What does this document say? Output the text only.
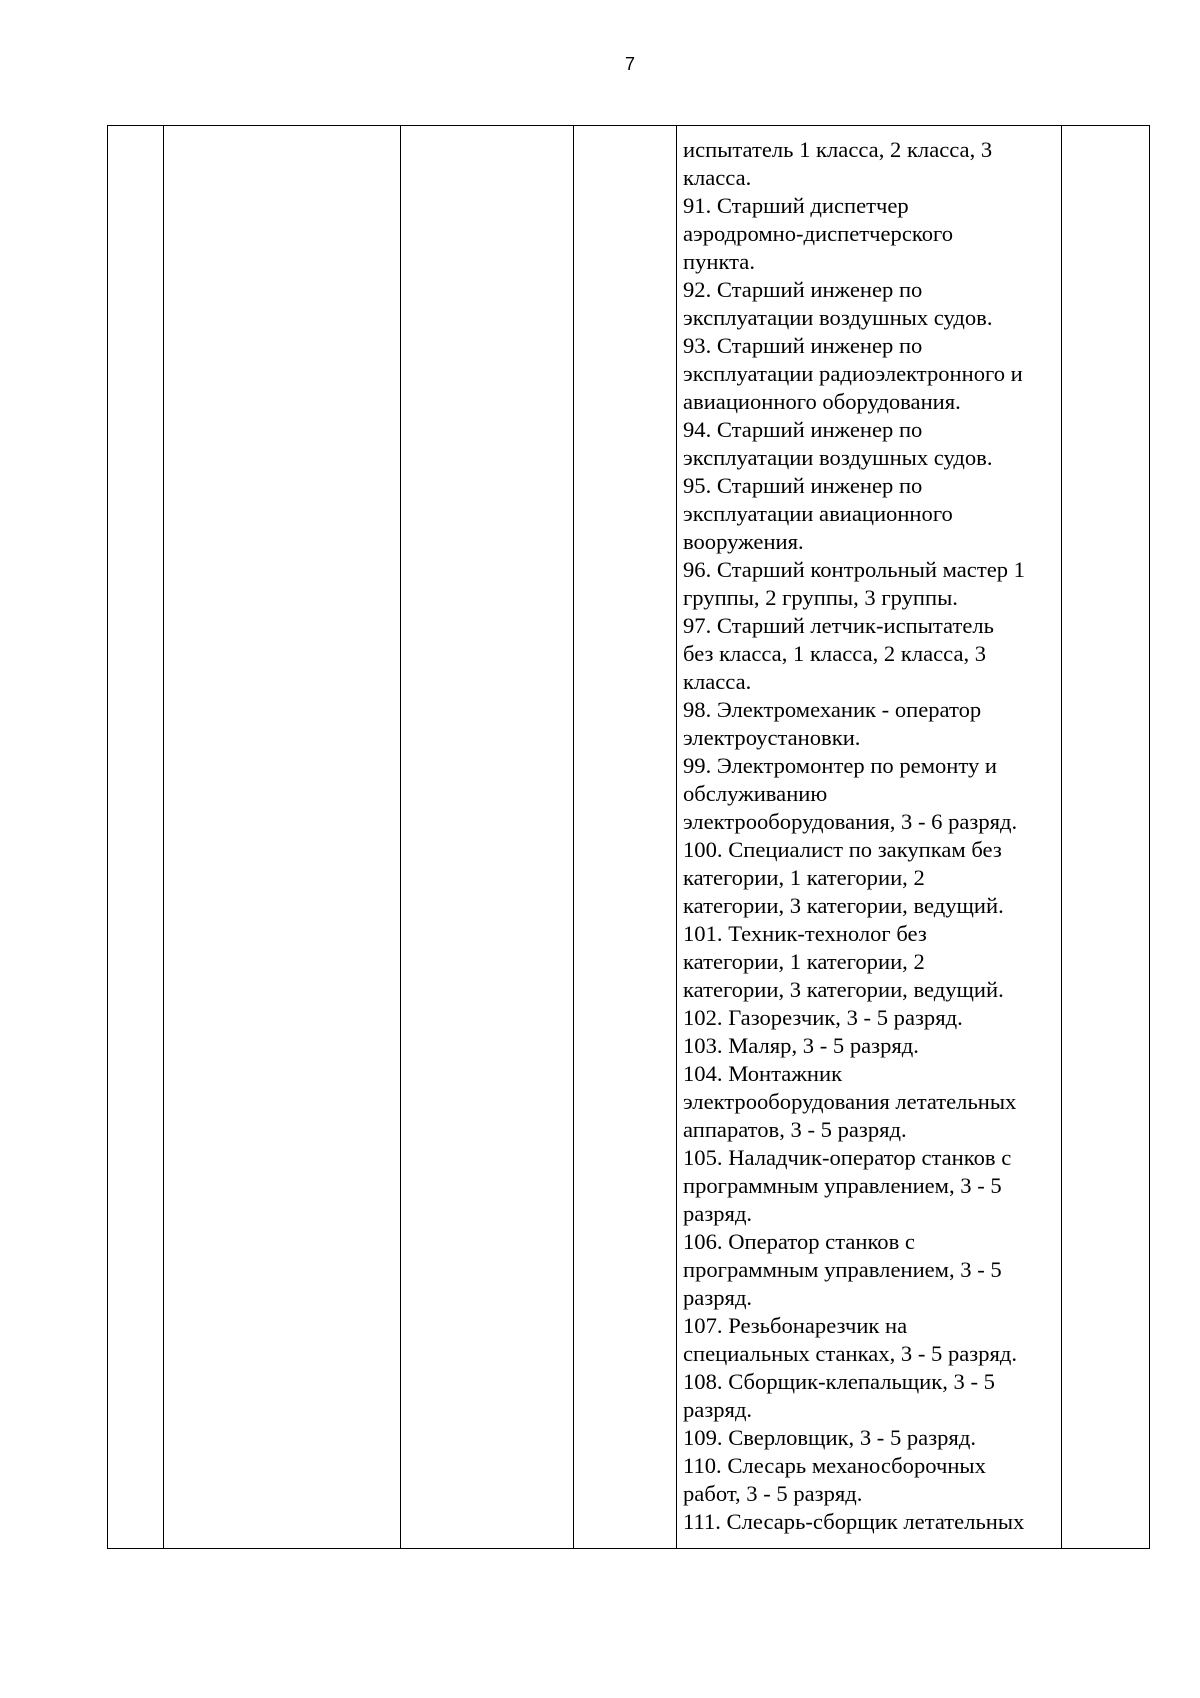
7

испытатель 1 класса, 2 класса, 3
класса.
91. Старший диспетчер
аэродромно-диспетчерского
пункта.
92. Старший инженер по
эксплуатации воздушных судов.
93. Старший инженер по
эксплуатации радиоэлектронного и
авиационного оборудования.
94. Старший инженер по
эксплуатации воздушных судов.
95. Старший инженер по
эксплуатации авиационного
вооружения.
96. Старший контрольный мастер 1
группы, 2 группы, 3 группы.
97. Старший летчик-испытатель
без класса, 1 класса, 2 класса, 3
класса.
98. Электромеханик - оператор
электроустановки.
99. Электромонтер по ремонту и
обслуживанию
электрооборудования, 3 - 6 разряд.
100. Специалист по закупкам без
категории, 1 категории, 2
категории, 3 категории, ведущий.
101. Техник-технолог без
категории, 1 категории, 2
категории, 3 категории, ведущий.
102. Газорезчик, 3 - 5 разряд.
103. Маляр, 3 - 5 разряд.
104. Монтажник
электрооборудования летательных
аппаратов, 3 - 5 разряд.
105. Наладчик-оператор станков с
программным управлением, 3 - 5
разряд.
106. Оператор станков с
программным управлением, 3 - 5
разряд.
107. Резьбонарезчик на
специальных станках, 3 - 5 разряд.
108. Сборщик-клепальщик, 3 - 5
разряд.
109. Сверловщик, 3 - 5 разряд.
110. Слесарь механосборочных
работ, 3 - 5 разряд.
111. Слесарь-сборщик летательных
